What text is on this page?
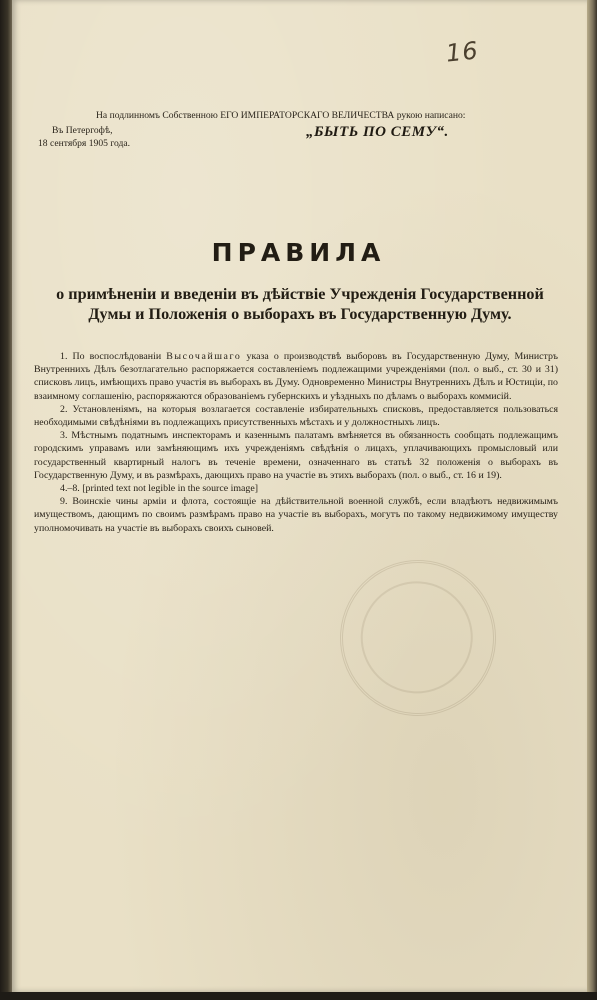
16
На подлинномъ Собственною ЕГО ИМПЕРАТОРСКАГО ВЕЛИЧЕСТВА рукою написано:
Въ Петергофѣ,
18 сентября 1905 года.
„БЫТЬ ПО СЕМУ“.
ПРАВИЛА
о примѣненіи и введеніи въ дѣйствіе Учрежденія Государственной Думы и Положенія о выборахъ въ Государственную Думу.

1. По воспослѣдованіи Высочайшаго указа о производствѣ выборовъ въ Государственную Думу, Министръ Внутреннихъ Дѣлъ безотлагательно распоряжается составленіемъ подлежащими учрежденіями (пол. о выб., ст. 30 и 31) списковъ лицъ, имѣющихъ право участія въ выборахъ въ Думу. Одновременно Министры Внутреннихъ Дѣлъ и Юстиціи, по взаимному соглашенію, распоряжаются образованіемъ губернскихъ и уѣздныхъ по дѣламъ о выборахъ коммисій.

2. Установленіямъ, на которыя возлагается составленіе избирательныхъ списковъ, предоставляется пользоваться необходимыми свѣдѣніями въ подлежащихъ присутственныхъ мѣстахъ и у должностныхъ лицъ.

3. Мѣстнымъ податнымъ инспекторамъ и казеннымъ палатамъ вмѣняется въ обязанность сообщать подлежащимъ городскимъ управамъ или замѣняющимъ ихъ учрежденіямъ свѣдѣнія о лицахъ, уплачивающихъ промысловый или государственный квартирный налогъ въ теченіе времени, означеннаго въ статьѣ 32 положенія о выборахъ въ Государственную Думу, и въ размѣрахъ, дающихъ право на участіе въ этихъ выборахъ (пол. о выб., ст. 16 и 19).

4.–8. [printed text not legible in the source image]

9. Воинскіе чины арміи и флота, состоящіе на дѣйствительной военной службѣ, если владѣютъ недвижимымъ имуществомъ, дающимъ по своимъ размѣрамъ право на участіе въ выборахъ, могутъ по такому недвижимому имуществу уполномочивать на участіе въ выборахъ своихъ сыновей.
